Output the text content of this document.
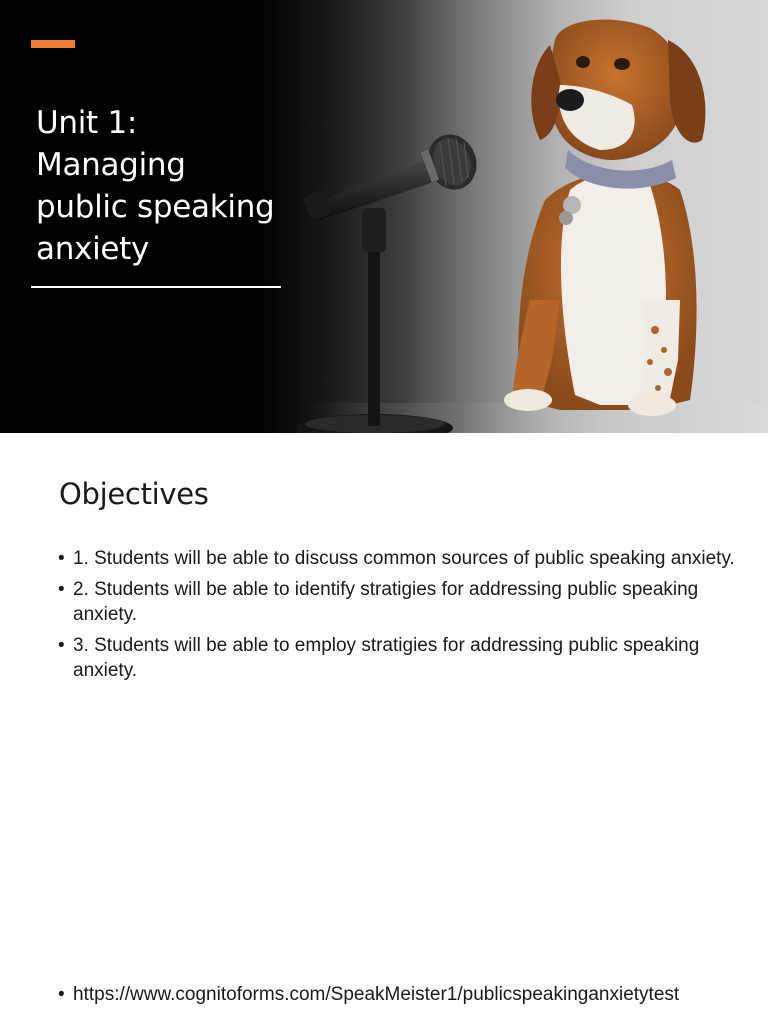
Unit 1:
Managing
public speaking
anxiety
Objectives
• 1. Students will be able to discuss common sources of public speaking anxiety.
• 2. Students will be able to identify stratigies for addressing public speaking anxiety.
• 3. Students will be able to employ stratigies for addressing public speaking anxiety.

• https://www.cognitoforms.com/SpeakMeister1/publicspeakinganxietytest
